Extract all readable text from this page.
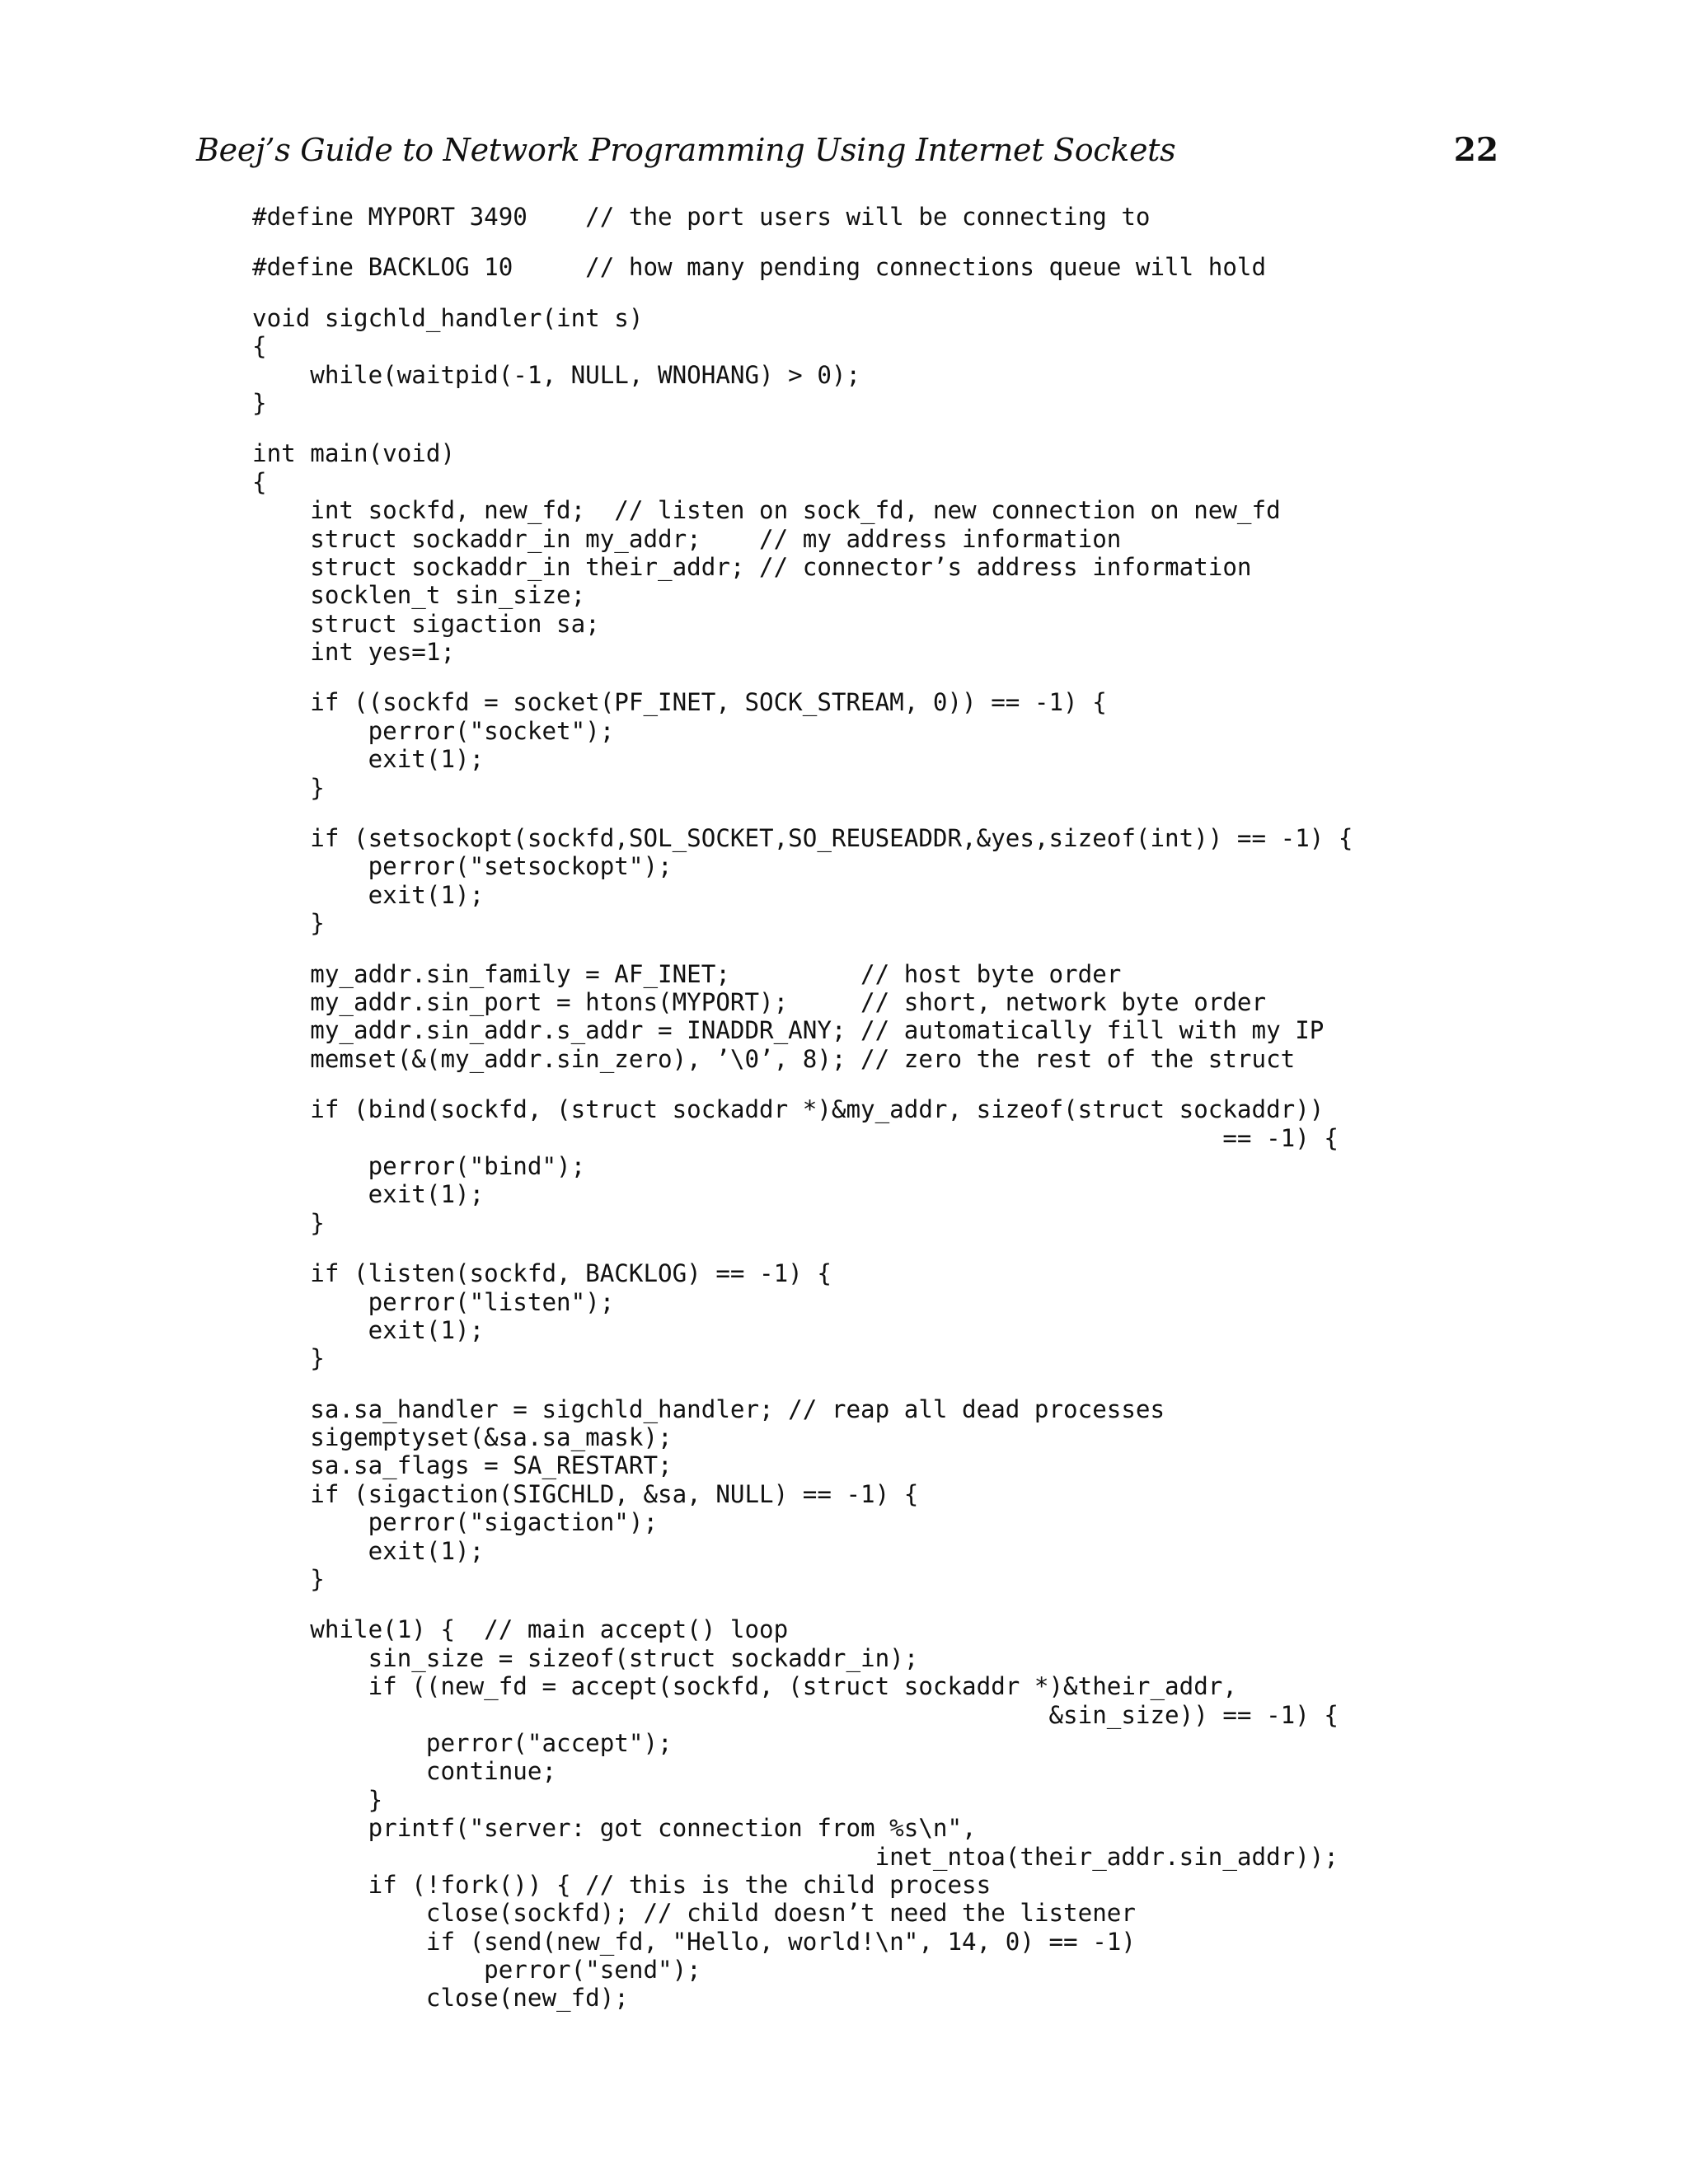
Beej’s Guide to Network Programming Using Internet Sockets	22
#define MYPORT 3490    // the port users will be connecting to
#define BACKLOG 10     // how many pending connections queue will hold
void sigchld_handler(int s)
{
while(waitpid(-1, NULL, WNOHANG) > 0);
}
int main(void)
{
int sockfd, new_fd;  // listen on sock_fd, new connection on new_fd
struct sockaddr_in my_addr;    // my address information
struct sockaddr_in their_addr; // connector’s address information
socklen_t sin_size;
struct sigaction sa;
int yes=1;
if ((sockfd = socket(PF_INET, SOCK_STREAM, 0)) == -1) {
perror("socket");
exit(1);
}
if (setsockopt(sockfd,SOL_SOCKET,SO_REUSEADDR,&yes,sizeof(int)) == -1) {
perror("setsockopt");
exit(1);
}
my_addr.sin_family = AF_INET;         // host byte order
my_addr.sin_port = htons(MYPORT);     // short, network byte order
my_addr.sin_addr.s_addr = INADDR_ANY; // automatically fill with my IP
memset(&(my_addr.sin_zero), ’\0’, 8); // zero the rest of the struct
if (bind(sockfd, (struct sockaddr *)&my_addr, sizeof(struct sockaddr))
== -1) {
perror("bind");
exit(1);
}
if (listen(sockfd, BACKLOG) == -1) {
perror("listen");
exit(1);
}
sa.sa_handler = sigchld_handler; // reap all dead processes
sigemptyset(&sa.sa_mask);
sa.sa_flags = SA_RESTART;
if (sigaction(SIGCHLD, &sa, NULL) == -1) {
perror("sigaction");
exit(1);
}
while(1) {  // main accept() loop
sin_size = sizeof(struct sockaddr_in);
if ((new_fd = accept(sockfd, (struct sockaddr *)&their_addr,
&sin_size)) == -1) {
perror("accept");
continue;
}
printf("server: got connection from %s\n",
inet_ntoa(their_addr.sin_addr));
if (!fork()) { // this is the child process
close(sockfd); // child doesn’t need the listener
if (send(new_fd, "Hello, world!\n", 14, 0) == -1)
perror("send");
close(new_fd);
